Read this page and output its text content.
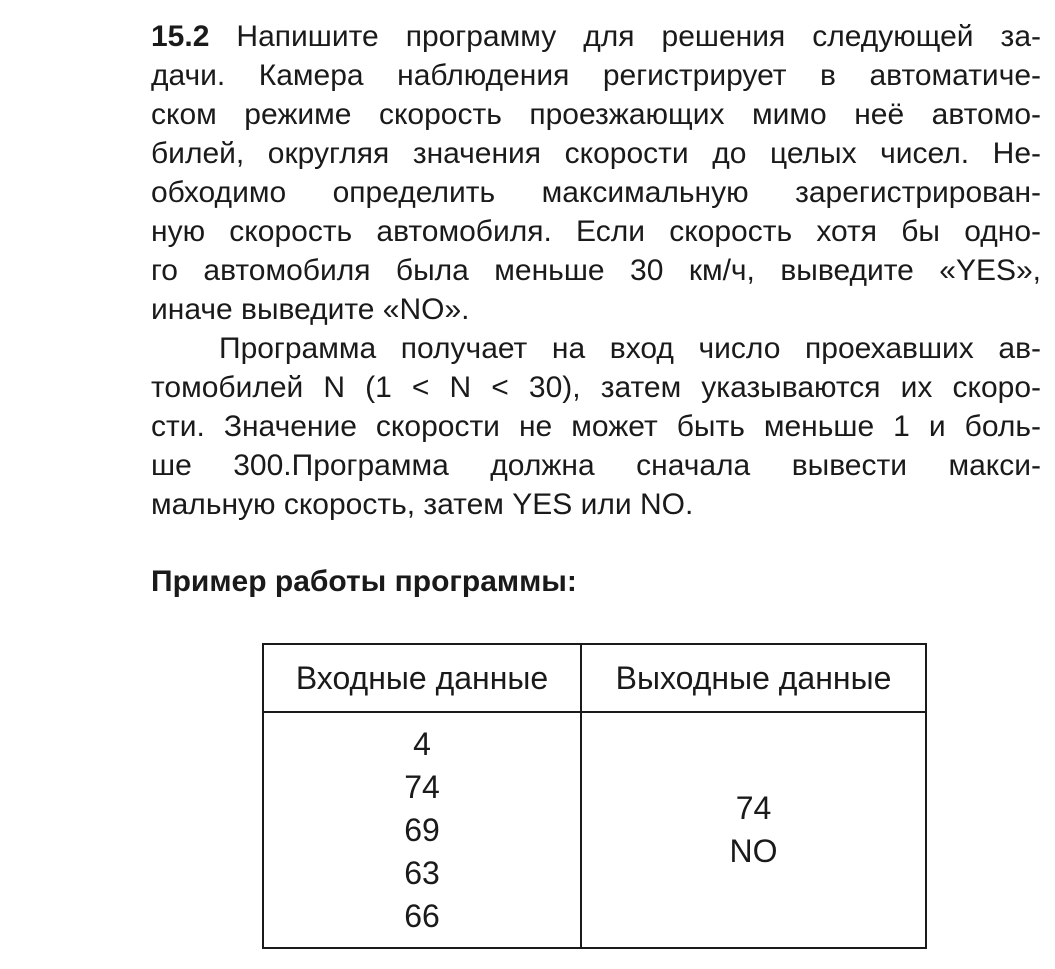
15.2 Напишите программу для решения следующей за-
дачи. Камера наблюдения регистрирует в автоматиче-
ском режиме скорость проезжающих мимо неё автомо-
билей, округляя значения скорости до целых чисел. Не-
обходимо определить максимальную зарегистрирован-
ную скорость автомобиля. Если скорость хотя бы одно-
го автомобиля была меньше 30 км/ч, выведите «YES»,
иначе выведите «NO».
Программа получает на вход число проехавших ав-
томобилей N (1 < N < 30), затем указываются их скоро-
сти. Значение скорости не может быть меньше 1 и боль-
ше 300.Программа должна сначала вывести макси-
мальную скорость, затем YES или NO.
Пример работы программы:
Входные данные	Выходные данные

4
74
69
63
66	74
NO
